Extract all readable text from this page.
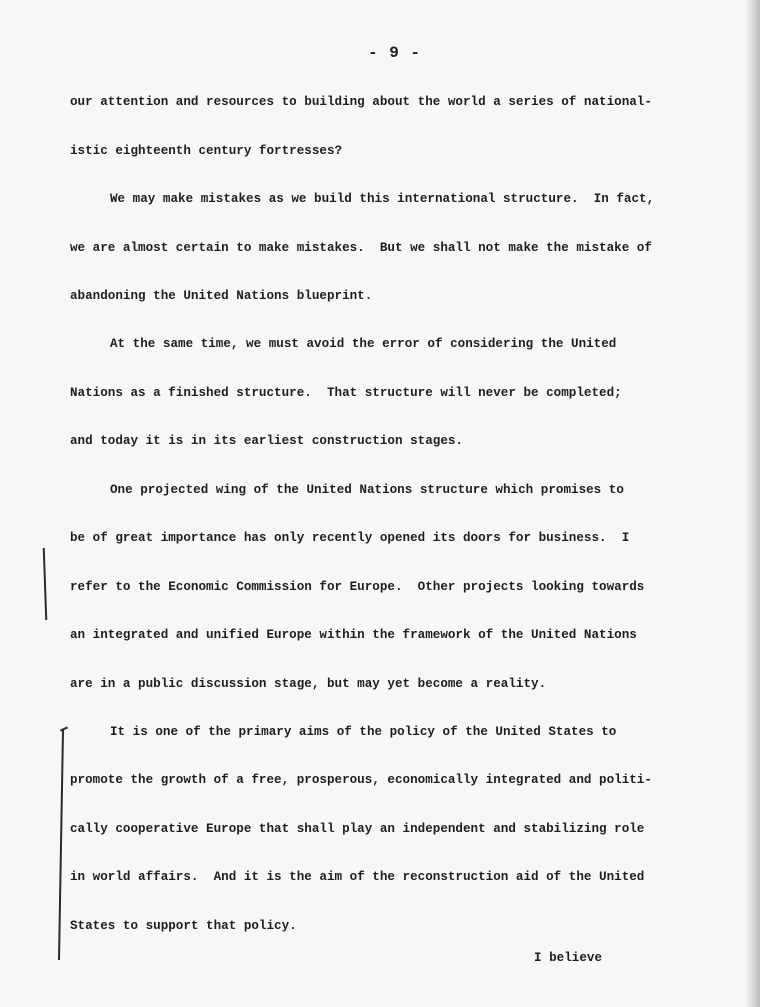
- 9 -

our attention and resources to building about the world a series of national-

istic eighteenth century fortresses?

We may make mistakes as we build this international structure.  In fact,

we are almost certain to make mistakes.  But we shall not make the mistake of

abandoning the United Nations blueprint.

At the same time, we must avoid the error of considering the United

Nations as a finished structure.  That structure will never be completed;

and today it is in its earliest construction stages.

One projected wing of the United Nations structure which promises to

be of great importance has only recently opened its doors for business.  I

refer to the Economic Commission for Europe.  Other projects looking towards

an integrated and unified Europe within the framework of the United Nations

are in a public discussion stage, but may yet become a reality.

It is one of the primary aims of the policy of the United States to

promote the growth of a free, prosperous, economically integrated and politi-

cally cooperative Europe that shall play an independent and stabilizing role

in world affairs.  And it is the aim of the reconstruction aid of the United

States to support that policy.

I believe
